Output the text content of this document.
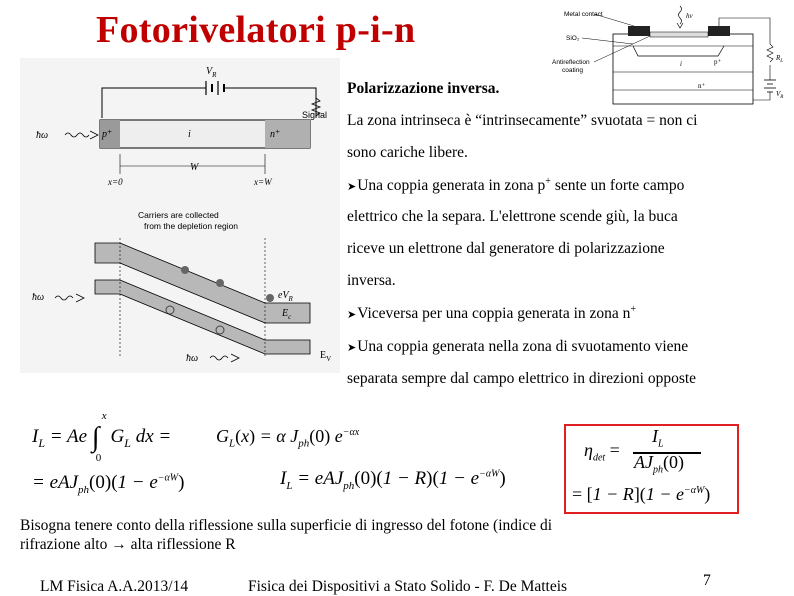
Fotorivelatori p-i-n	Metal contact
SiO₂
Antireflection coating
p⁺
i
n⁺
hν
$R_L$
$V_R$
$V_R$
Signal
p⁺	i	n⁺
ħω
W
x=0	x=W
Carriers are collected from the depletion region
ħω
ħω
$eV_R$
$E_c$
$E_V$
Polarizzazione inversa.
La zona intrinseca è “intrinsecamente” svuotata = non ci
sono cariche libere.
➤Una coppia generata in zona p+ sente un forte campo
elettrico che la separa. L'elettrone scende giù, la buca
riceve un elettrone dal generatore di polarizzazione
inversa.
➤Viceversa per una coppia generata in zona n+
➤Una coppia generata nella zona di svuotamento viene
separata sempre dal campo elettrico in direzioni opposte
$I_L = Ae$ ∫
x
0
$G_L$ dx = $G_L(x) = \alpha$ $J_{ph}(0)$ $e^{-\alpha x}$
= $eAJ_{ph}(0)(1 - e^{-\alpha W})$	$I_L = eAJ_{ph}(0)(1 - R)(1 - e^{-\alpha W})$
$\eta_{det}$ =
$I_L$
$AJ_{ph}(0)$
= $[1 - R](1 - e^{-\alpha W})$
Bisogna tenere conto della riflessione sulla superficie di ingresso del fotone (indice di
rifrazione alto → alta riflessione R
LM Fisica A.A.2013/14	Fisica dei Dispositivi a Stato Solido - F. De Matteis	7
